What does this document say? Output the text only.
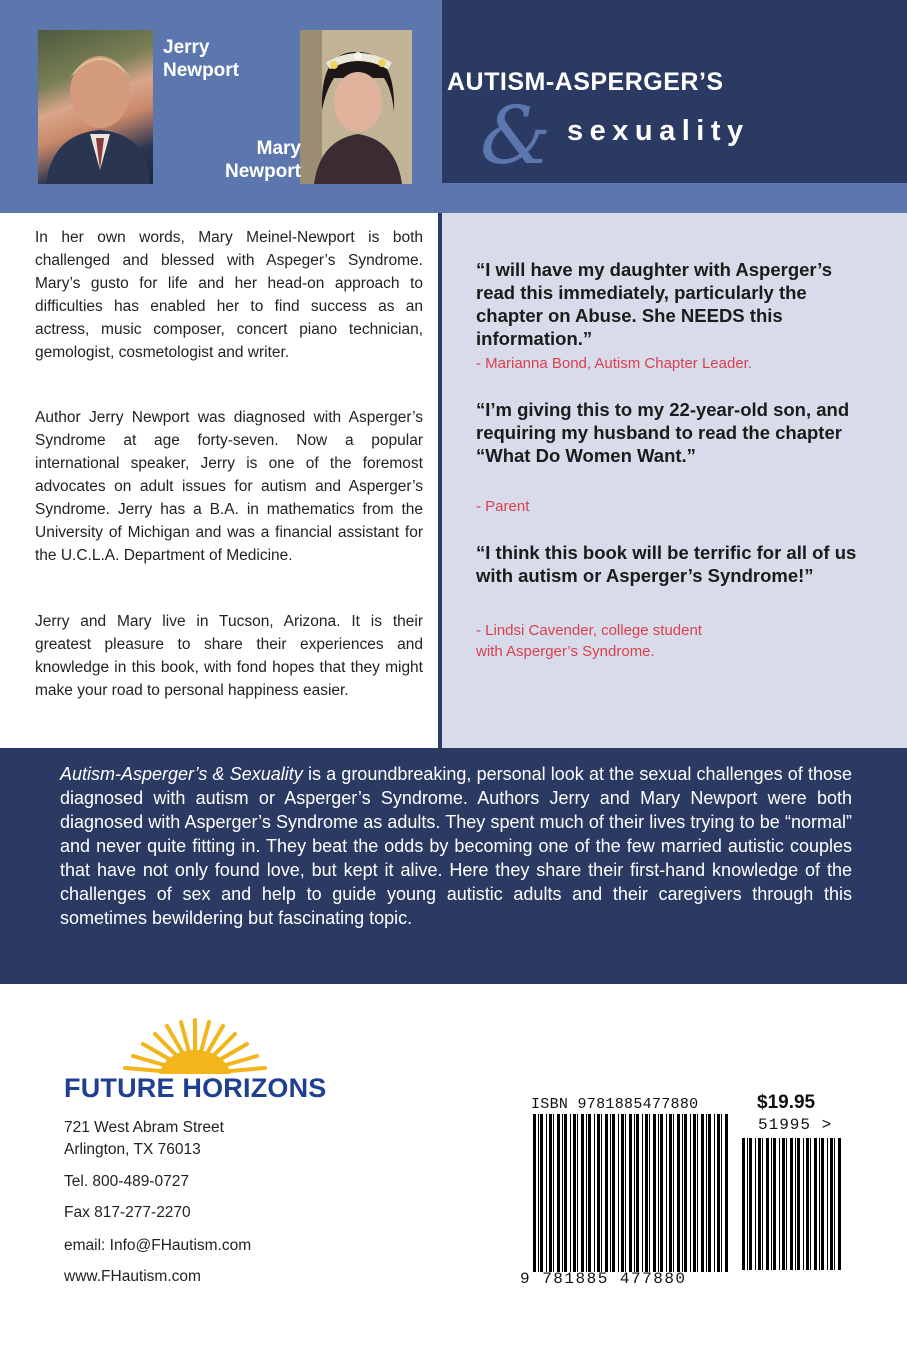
Jerry
Newport
Mary
Newport
AUTISM-ASPERGER’S
& sexuality

In her own words, Mary Meinel-Newport is both challenged and blessed with Aspeger’s Syndrome. Mary’s gusto for life and her head-on approach to difficulties has enabled her to find success as an actress, music composer, concert piano technician, gemologist, cosmetologist and writer.

Author Jerry Newport was diagnosed with Asperger’s Syndrome at age forty-seven. Now a popular international speaker, Jerry is one of the foremost advocates on adult issues for autism and Asperger’s Syndrome. Jerry has a B.A. in mathematics from the University of Michigan and was a financial assistant for the U.C.L.A. Department of Medicine.

Jerry and Mary live in Tucson, Arizona. It is their greatest pleasure to share their experiences and knowledge in this book, with fond hopes that they might make your road to personal happiness easier.

“I will have my daughter with Asperger’s read this immediately, particularly the chapter on Abuse. She NEEDS this information.”

- Marianna Bond, Autism Chapter Leader.

“I’m giving this to my 22-year-old son, and requiring my husband to read the chapter “What Do Women Want.”

- Parent

“I think this book will be terrific for all of us with autism or Asperger’s Syndrome!”

- Lindsi Cavender, college student
with Asperger’s Syndrome.

Autism-Asperger’s & Sexuality is a groundbreaking, personal look at the sexual challenges of those diagnosed with autism or Asperger’s Syndrome. Authors Jerry and Mary Newport were both diagnosed with Asperger’s Syndrome as adults. They spent much of their lives trying to be “normal” and never quite fitting in. They beat the odds by becoming one of the few married autistic couples that have not only found love, but kept it alive. Here they share their first-hand knowledge of the challenges of sex and help to guide young autistic adults and their caregivers through this sometimes bewildering but fascinating topic.

FUTURE HORIZONS

721 West Abram Street

Arlington, TX 76013

Tel. 800-489-0727

Fax 817-277-2270

email: Info@FHautism.com

www.FHautism.com

ISBN 9781885477880	$19.95
51995 >
9 781885 477880
